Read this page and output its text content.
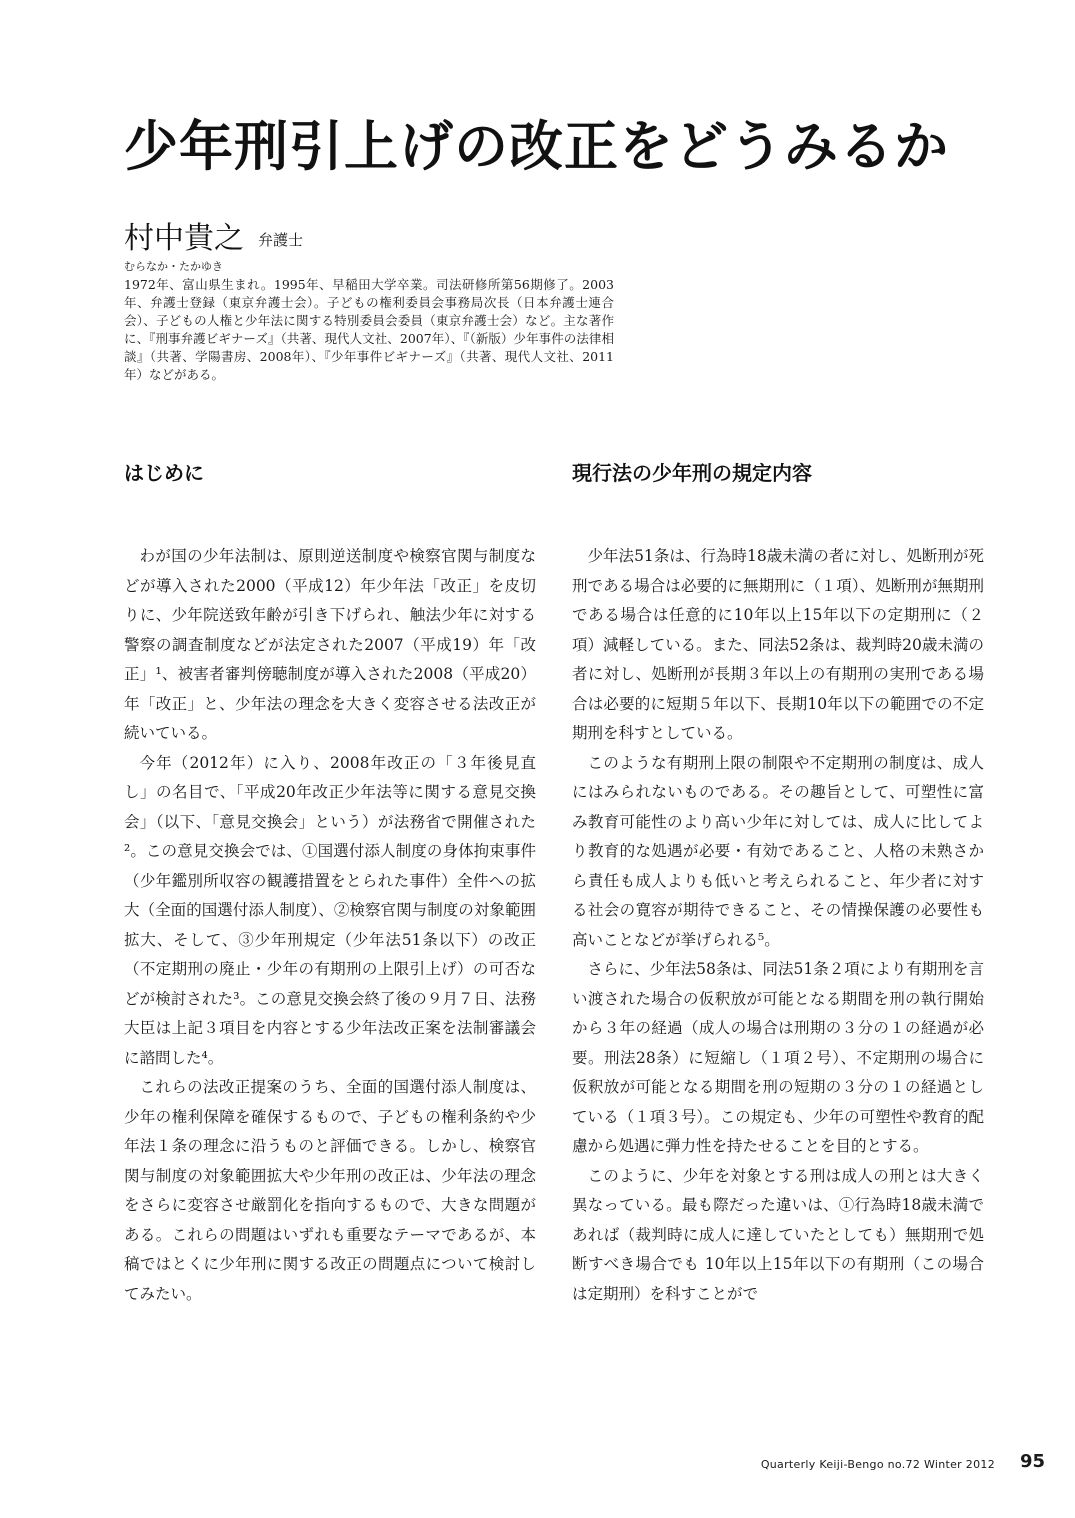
少年刑引上げの改正をどうみるか
村中貴之 弁護士
むらなか・たかゆき
1972年、富山県生まれ。1995年、早稲田大学卒業。司法研修所第56期修了。2003年、弁護士登録（東京弁護士会）。子どもの権利委員会事務局次長（日本弁護士連合会）、子どもの人権と少年法に関する特別委員会委員（東京弁護士会）など。主な著作に、『刑事弁護ビギナーズ』（共著、現代人文社、2007年）、『（新版）少年事件の法律相談』（共著、学陽書房、2008年）、『少年事件ビギナーズ』（共著、現代人文社、2011年）などがある。
はじめに

わが国の少年法制は、原則逆送制度や検察官関与制度などが導入された2000（平成12）年少年法「改正」を皮切りに、少年院送致年齢が引き下げられ、触法少年に対する警察の調査制度などが法定された2007（平成19）年「改正」¹、被害者審判傍聴制度が導入された2008（平成20）年「改正」と、少年法の理念を大きく変容させる法改正が続いている。

今年（2012年）に入り、2008年改正の「３年後見直し」の名目で、「平成20年改正少年法等に関する意見交換会」（以下、「意見交換会」という）が法務省で開催された²。この意見交換会では、①国選付添人制度の身体拘束事件（少年鑑別所収容の観護措置をとられた事件）全件への拡大（全面的国選付添人制度）、②検察官関与制度の対象範囲拡大、そして、③少年刑規定（少年法51条以下）の改正（不定期刑の廃止・少年の有期刑の上限引上げ）の可否などが検討された³。この意見交換会終了後の９月７日、法務大臣は上記３項目を内容とする少年法改正案を法制審議会に諮問した⁴。

これらの法改正提案のうち、全面的国選付添人制度は、少年の権利保障を確保するもので、子どもの権利条約や少年法１条の理念に沿うものと評価できる。しかし、検察官関与制度の対象範囲拡大や少年刑の改正は、少年法の理念をさらに変容させ厳罰化を指向するもので、大きな問題がある。これらの問題はいずれも重要なテーマであるが、本稿ではとくに少年刑に関する改正の問題点について検討してみたい。

現行法の少年刑の規定内容

少年法51条は、行為時18歳未満の者に対し、処断刑が死刑である場合は必要的に無期刑に（１項）、処断刑が無期刑である場合は任意的に10年以上15年以下の定期刑に（２項）減軽している。また、同法52条は、裁判時20歳未満の者に対し、処断刑が長期３年以上の有期刑の実刑である場合は必要的に短期５年以下、長期10年以下の範囲での不定期刑を科すとしている。

このような有期刑上限の制限や不定期刑の制度は、成人にはみられないものである。その趣旨として、可塑性に富み教育可能性のより高い少年に対しては、成人に比してより教育的な処遇が必要・有効であること、人格の未熟さから責任も成人よりも低いと考えられること、年少者に対する社会の寛容が期待できること、その情操保護の必要性も高いことなどが挙げられる⁵。

さらに、少年法58条は、同法51条２項により有期刑を言い渡された場合の仮釈放が可能となる期間を刑の執行開始から３年の経過（成人の場合は刑期の３分の１の経過が必要。刑法28条）に短縮し（１項２号）、不定期刑の場合に仮釈放が可能となる期間を刑の短期の３分の１の経過としている（１項３号）。この規定も、少年の可塑性や教育的配慮から処遇に弾力性を持たせることを目的とする。

このように、少年を対象とする刑は成人の刑とは大きく異なっている。最も際だった違いは、①行為時18歳未満であれば（裁判時に成人に達していたとしても）無期刑で処断すべき場合でも 10年以上15年以下の有期刑（この場合は定期刑）を科すことがで

Quarterly Keiji-Bengo no.72 Winter 2012 95
